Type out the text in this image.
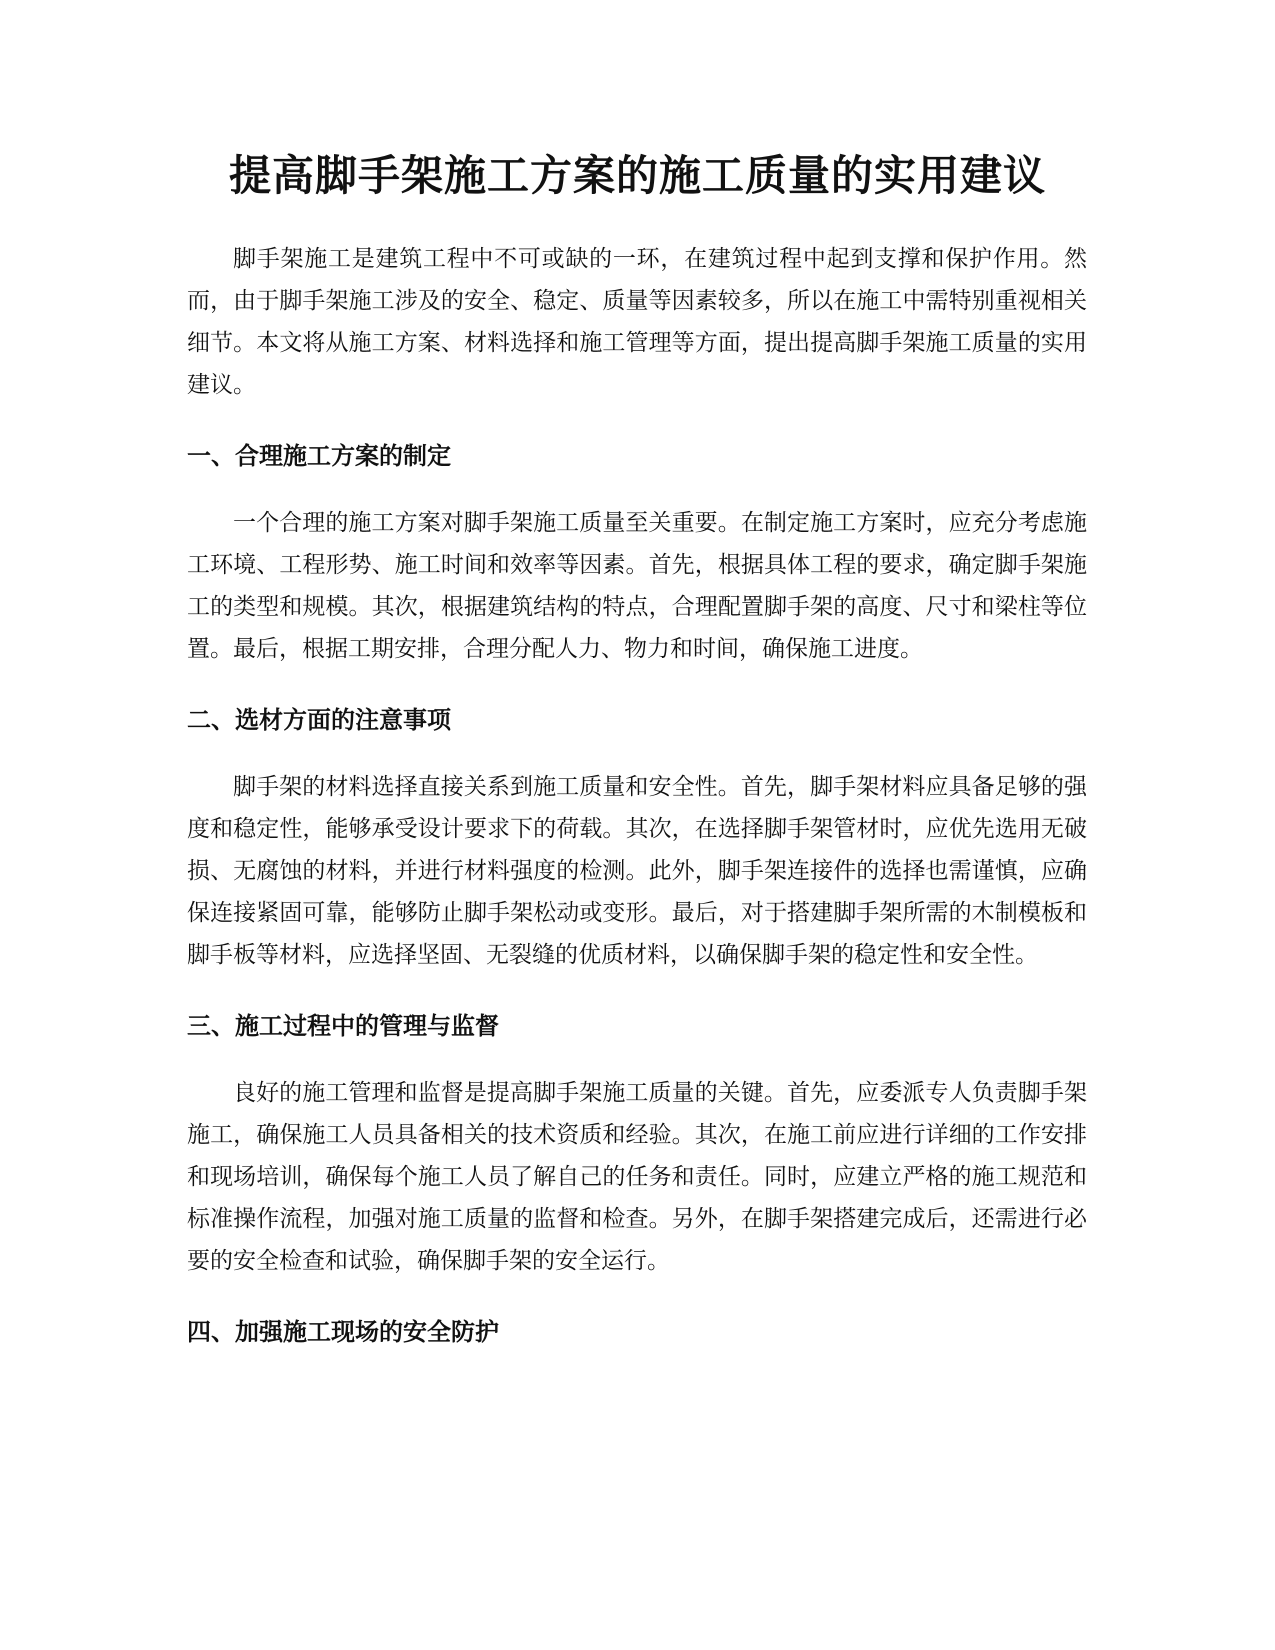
提高脚手架施工方案的施工质量的实用建议

脚手架施工是建筑工程中不可或缺的一环，在建筑过程中起到支撑和保护作用。然而，由于脚手架施工涉及的安全、稳定、质量等因素较多，所以在施工中需特别重视相关细节。本文将从施工方案、材料选择和施工管理等方面，提出提高脚手架施工质量的实用建议。

一、合理施工方案的制定

一个合理的施工方案对脚手架施工质量至关重要。在制定施工方案时，应充分考虑施工环境、工程形势、施工时间和效率等因素。首先，根据具体工程的要求，确定脚手架施工的类型和规模。其次，根据建筑结构的特点，合理配置脚手架的高度、尺寸和梁柱等位置。最后，根据工期安排，合理分配人力、物力和时间，确保施工进度。

二、选材方面的注意事项

脚手架的材料选择直接关系到施工质量和安全性。首先，脚手架材料应具备足够的强度和稳定性，能够承受设计要求下的荷载。其次，在选择脚手架管材时，应优先选用无破损、无腐蚀的材料，并进行材料强度的检测。此外，脚手架连接件的选择也需谨慎，应确保连接紧固可靠，能够防止脚手架松动或变形。最后，对于搭建脚手架所需的木制模板和脚手板等材料，应选择坚固、无裂缝的优质材料，以确保脚手架的稳定性和安全性。

三、施工过程中的管理与监督

良好的施工管理和监督是提高脚手架施工质量的关键。首先，应委派专人负责脚手架施工，确保施工人员具备相关的技术资质和经验。其次，在施工前应进行详细的工作安排和现场培训，确保每个施工人员了解自己的任务和责任。同时，应建立严格的施工规范和标准操作流程，加强对施工质量的监督和检查。另外，在脚手架搭建完成后，还需进行必要的安全检查和试验，确保脚手架的安全运行。

四、加强施工现场的安全防护
